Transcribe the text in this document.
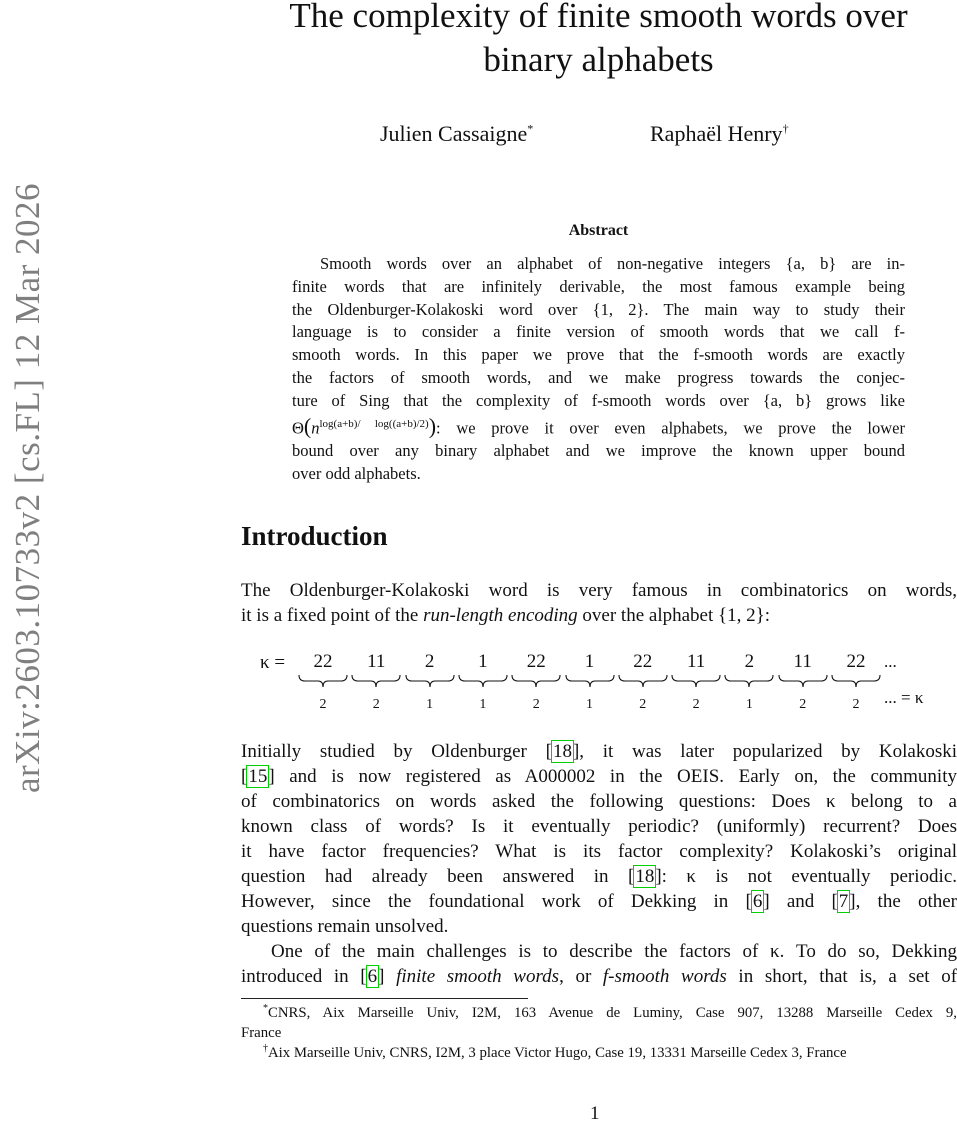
arXiv:2603.10733v2 [cs.FL] 12 Mar 2026
The complexity of finite smooth words over
binary alphabets
Julien Cassaigne*	Raphaël Henry†
Abstract
Smooth words over an alphabet of non-negative integers {a, b} are in-
finite words that are infinitely derivable, the most famous example being
the Oldenburger-Kolakoski word over {1, 2}. The main way to study their
language is to consider a finite version of smooth words that we call f-
smooth words. In this paper we prove that the f-smooth words are exactly
the factors of smooth words, and we make progress towards the conjec-
ture of Sing that the complexity of f-smooth words over {a, b} grows like
$\Theta(n^{log(a+b)/ log((a+b)/2)})$: we prove it over even alphabets, we prove the lower
bound over any binary alphabet and we improve the known upper bound
over odd alphabets.
Introduction
The Oldenburger-Kolakoski word is very famous in combinatorics on words,
it is a fixed point of the run-length encoding over the alphabet {1, 2}:
κ =	22
2
11
2
2
1
1
1
22
2
1
1
22
2
11
2
2
1
11
2
22
2
...
... = κ
Initially studied by Oldenburger [18], it was later popularized by Kolakoski
[15] and is now registered as A000002 in the OEIS. Early on, the community
of combinatorics on words asked the following questions: Does κ belong to a
known class of words? Is it eventually periodic? (uniformly) recurrent? Does
it have factor frequencies? What is its factor complexity? Kolakoski’s original
question had already been answered in [18]: κ is not eventually periodic.
However, since the foundational work of Dekking in [6] and [7], the other
questions remain unsolved.
One of the main challenges is to describe the factors of κ. To do so, Dekking
introduced in [6] finite smooth words, or f-smooth words in short, that is, a set of
*CNRS, Aix Marseille Univ, I2M, 163 Avenue de Luminy, Case 907, 13288 Marseille Cedex 9,
France
†Aix Marseille Univ, CNRS, I2M, 3 place Victor Hugo, Case 19, 13331 Marseille Cedex 3, France
1
